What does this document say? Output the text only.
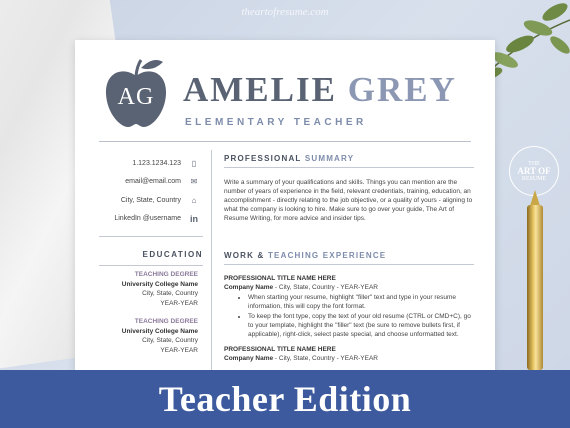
theartofresume.com
THE
ART OF
RESUME
AG AMELIE GREY
ELEMENTARY TEACHER
1.123.1234.123	▯
email@email.com	✉
City, State, Country	⌂
LinkedIn @username	in
EDUCATION
TEACHING DEGREE
University College Name
City, State, Country
YEAR-YEAR
TEACHING DEGREE
University College Name
City, State, Country
YEAR-YEAR
PROFESSIONAL SUMMARY
Write a summary of your qualifications and skills. Things you can mention are the number of years of experience in the field, relevant credentials, training, education, an accomplishment - directly relating to the job objective, or a quality of yours - aligning to what the company is looking to hire. Make sure to go over your guide, The Art of Resume Writing, for more advice and insider tips.
WORK & TEACHING EXPERIENCE
PROFESSIONAL TITLE NAME HERE
Company Name - City, State, Country - YEAR-YEAR
• When starting your resume, highlight "filler" text and type in your resume information, this will copy the font format.
• To keep the font type, copy the text of your old resume (CTRL or CMD+C), go to your template, highlight the "filler" text (be sure to remove bullets first, if applicable), right-click, select paste special, and choose unformatted text.
PROFESSIONAL TITLE NAME HERE
Company Name - City, State, Country - YEAR-YEAR
Teacher Edition
